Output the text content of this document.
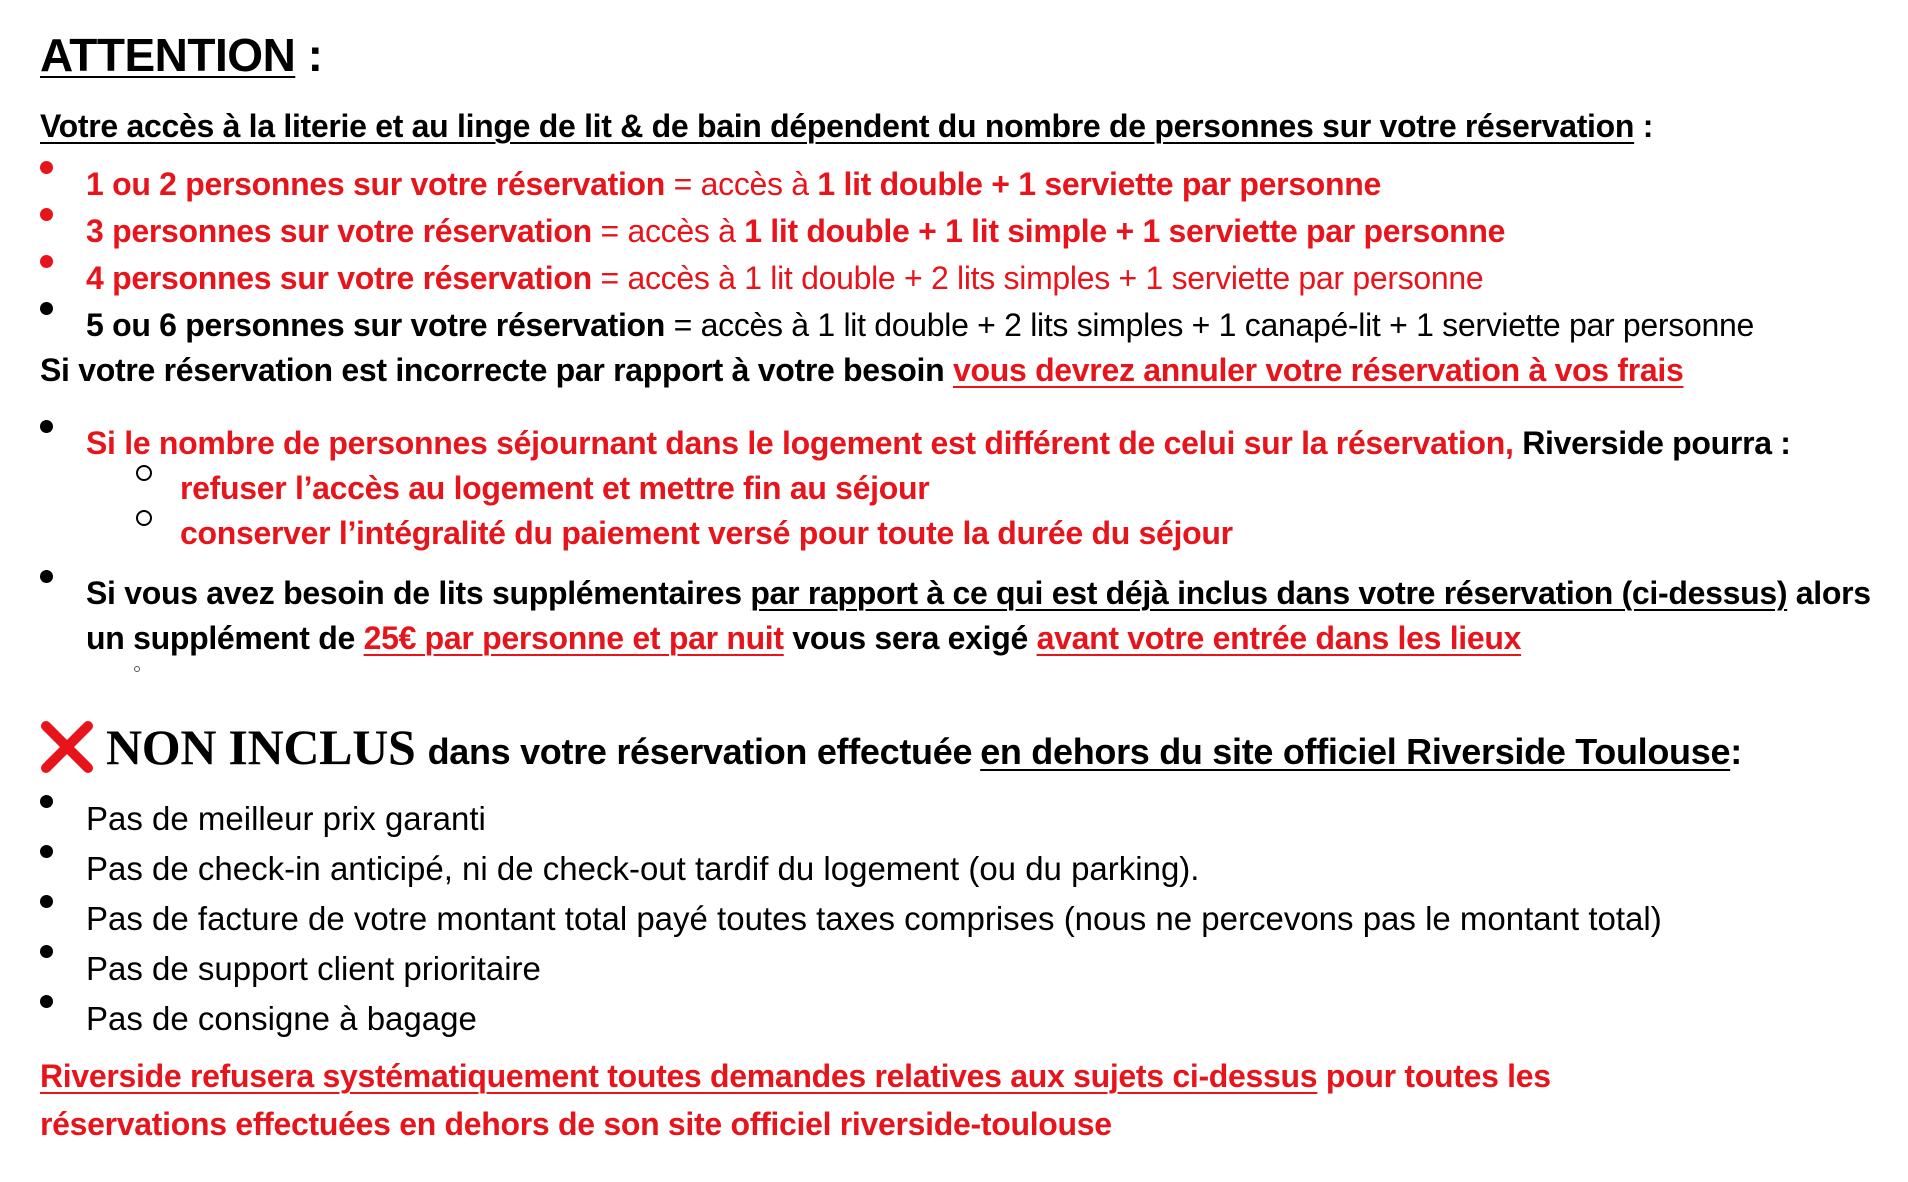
ATTENTION :
Votre accès à la literie et au linge de lit & de bain dépendent du nombre de personnes sur votre réservation :
1 ou 2 personnes sur votre réservation = accès à 1 lit double + 1 serviette par personne
3 personnes sur votre réservation = accès à 1 lit double + 1 lit simple + 1 serviette par personne
4 personnes sur votre réservation = accès à 1 lit double + 2 lits simples + 1 serviette par personne
5 ou 6 personnes sur votre réservation = accès à 1 lit double + 2 lits simples + 1 canapé-lit + 1 serviette par personne
Si votre réservation est incorrecte par rapport à votre besoin vous devrez annuler votre réservation à vos frais
Si le nombre de personnes séjournant dans le logement est différent de celui sur la réservation, Riverside pourra :
refuser l’accès au logement et mettre fin au séjour
conserver l’intégralité du paiement versé pour toute la durée du séjour
Si vous avez besoin de lits supplémentaires par rapport à ce qui est déjà inclus dans votre réservation (ci-dessus) alors
un supplément de 25€ par personne et par nuit vous sera exigé avant votre entrée dans les lieux
NON INCLUS dans votre réservation effectuée en dehors du site officiel Riverside Toulouse :
Pas de meilleur prix garanti
Pas de check-in anticipé, ni de check-out tardif du logement (ou du parking).
Pas de facture de votre montant total payé toutes taxes comprises (nous ne percevons pas le montant total)
Pas de support client prioritaire
Pas de consigne à bagage
Riverside refusera systématiquement toutes demandes relatives aux sujets ci-dessus pour toutes les
réservations effectuées en dehors de son site officiel riverside-toulouse
